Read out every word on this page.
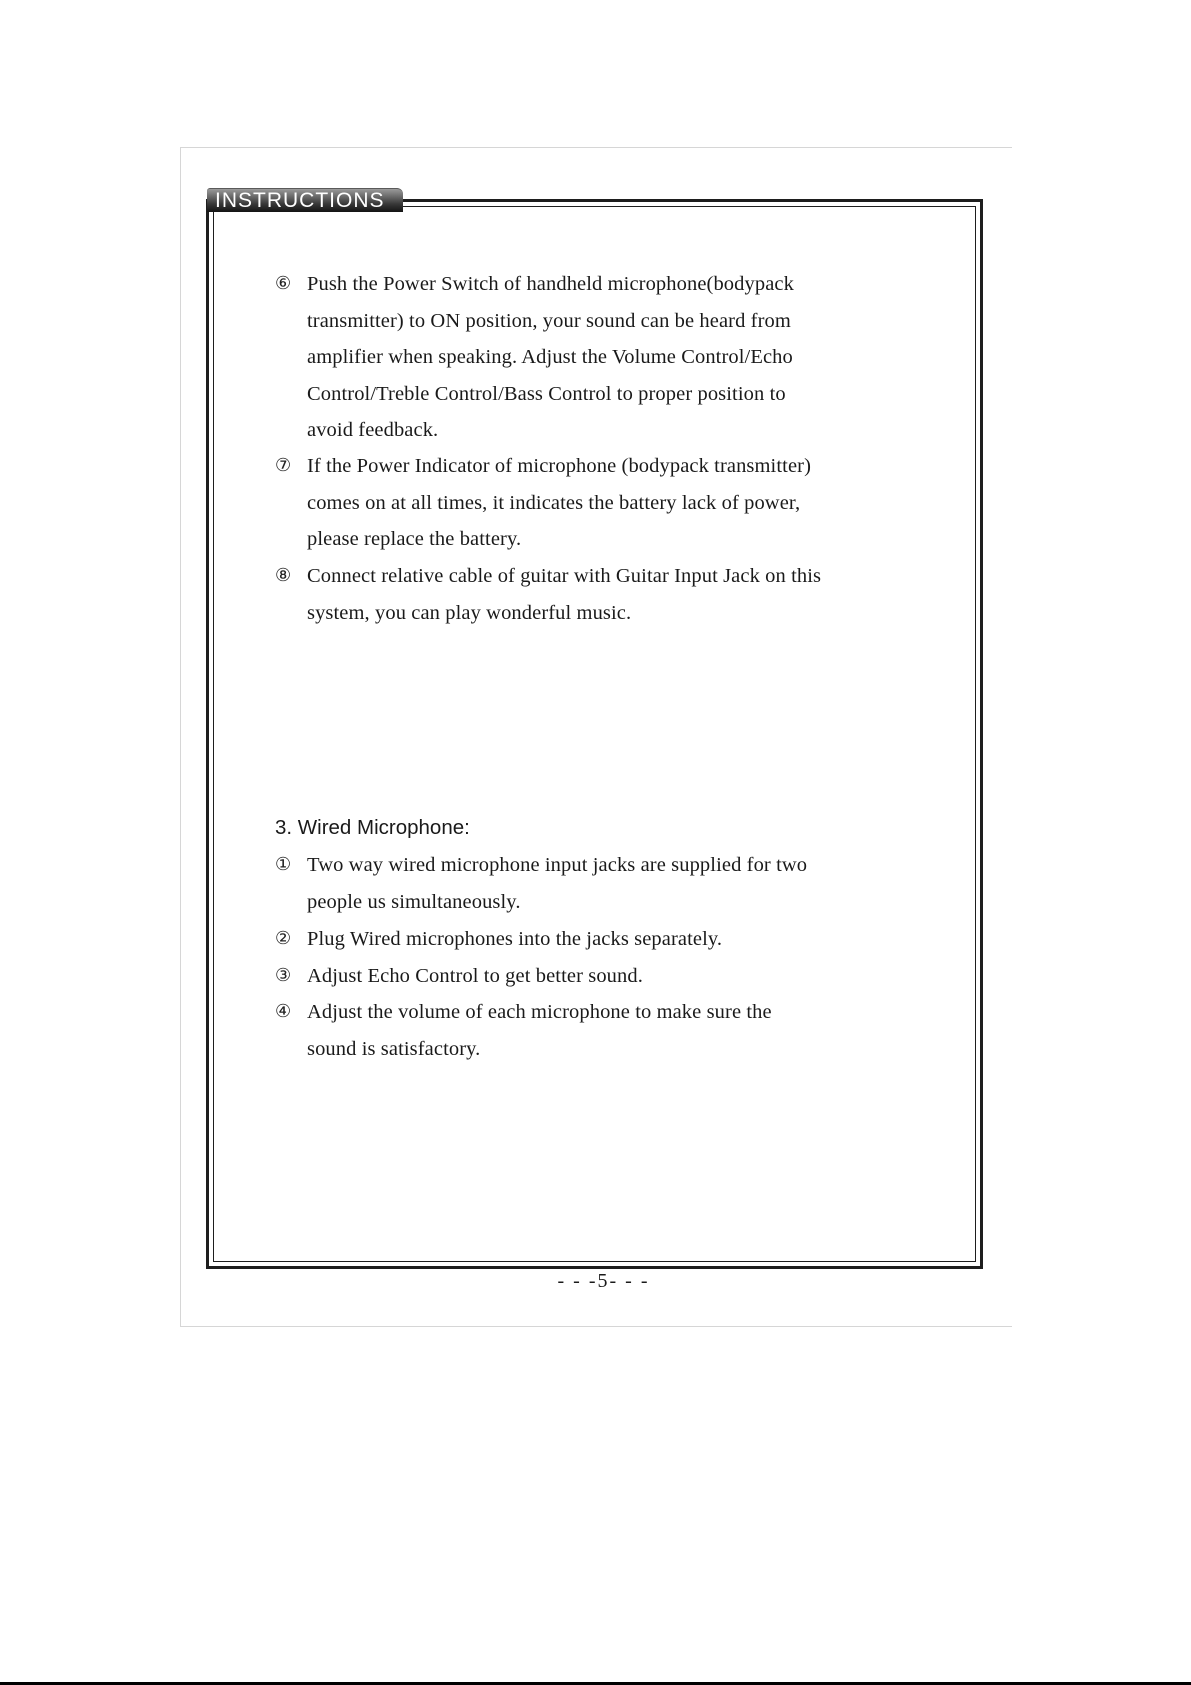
INSTRUCTIONS
⑥ Push the Power Switch of handheld microphone(bodypack
transmitter) to ON position, your sound can be heard from
amplifier when speaking. Adjust the Volume Control/Echo
Control/Treble Control/Bass Control to proper position to
avoid feedback.
⑦ If the Power Indicator of microphone (bodypack transmitter)
comes on at all times, it indicates the battery lack of power,
please replace the battery.
⑧ Connect relative cable of guitar with Guitar Input Jack on this
system, you can play wonderful music.
3. Wired Microphone:
① Two way wired microphone input jacks are supplied for two
people us simultaneously.
② Plug Wired microphones into the jacks separately.
③ Adjust Echo Control to get better sound.
④ Adjust the volume of each microphone to make sure the
sound is satisfactory.
- - -5- - -
